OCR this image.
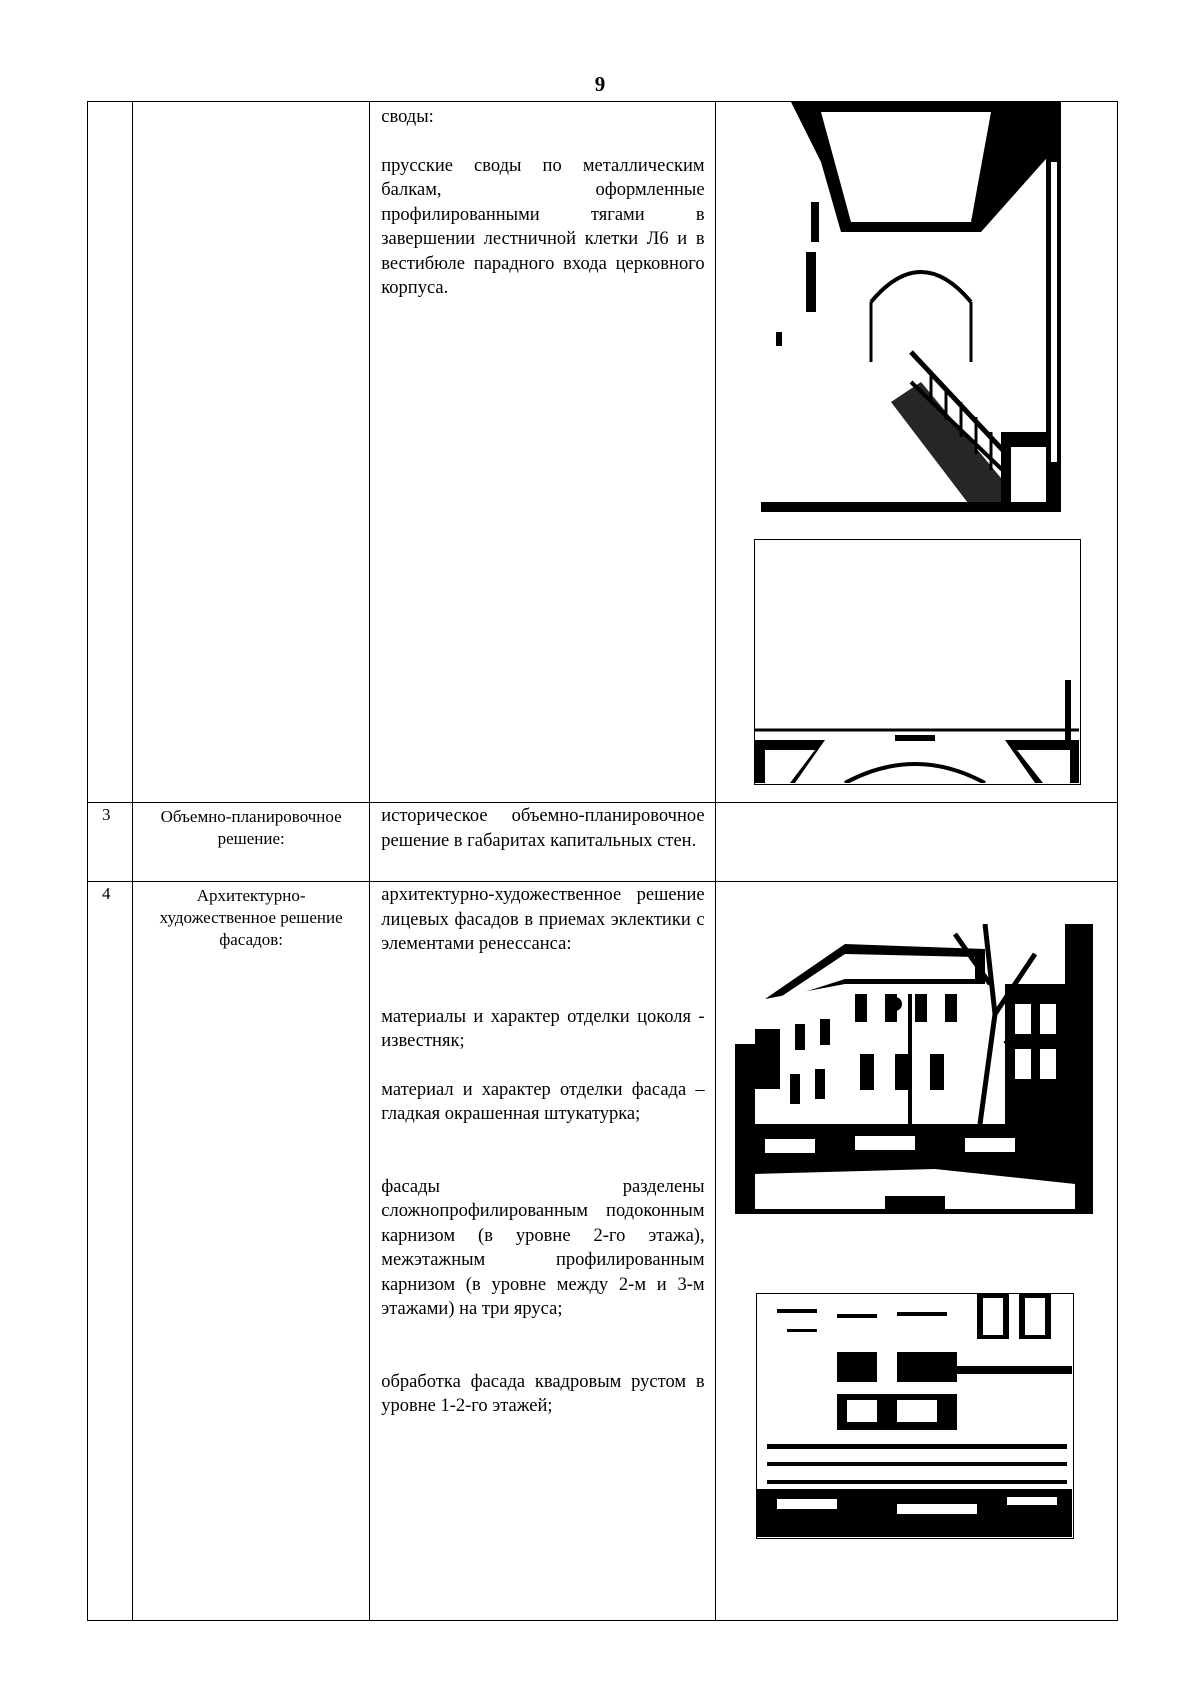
9

		своды:

прусские своды по металлическим балкам, оформленные профилированными тягами в завершении лестничной клетки Л6 и в вестибюле парадного входа церковного корпуса.

3	Объемно-планировочное решение:	историческое объемно-планировочное решение в габаритах капитальных стен.	

4	Архитектурно-художественное решение фасадов:	архитектурно-художественное решение лицевых фасадов в приемах эклектики с элементами ренессанса:

материалы и характер отделки цоколя - известняк;

материал и характер отделки фасада – гладкая окрашенная штукатурка;

фасады разделены сложнопрофилированным подоконным карнизом (в уровне 2-го этажа), межэтажным профилированным карнизом (в уровне между 2-м и 3-м этажами) на три яруса;

обработка фасада квадровым рустом в уровне 1-2-го этажей;
